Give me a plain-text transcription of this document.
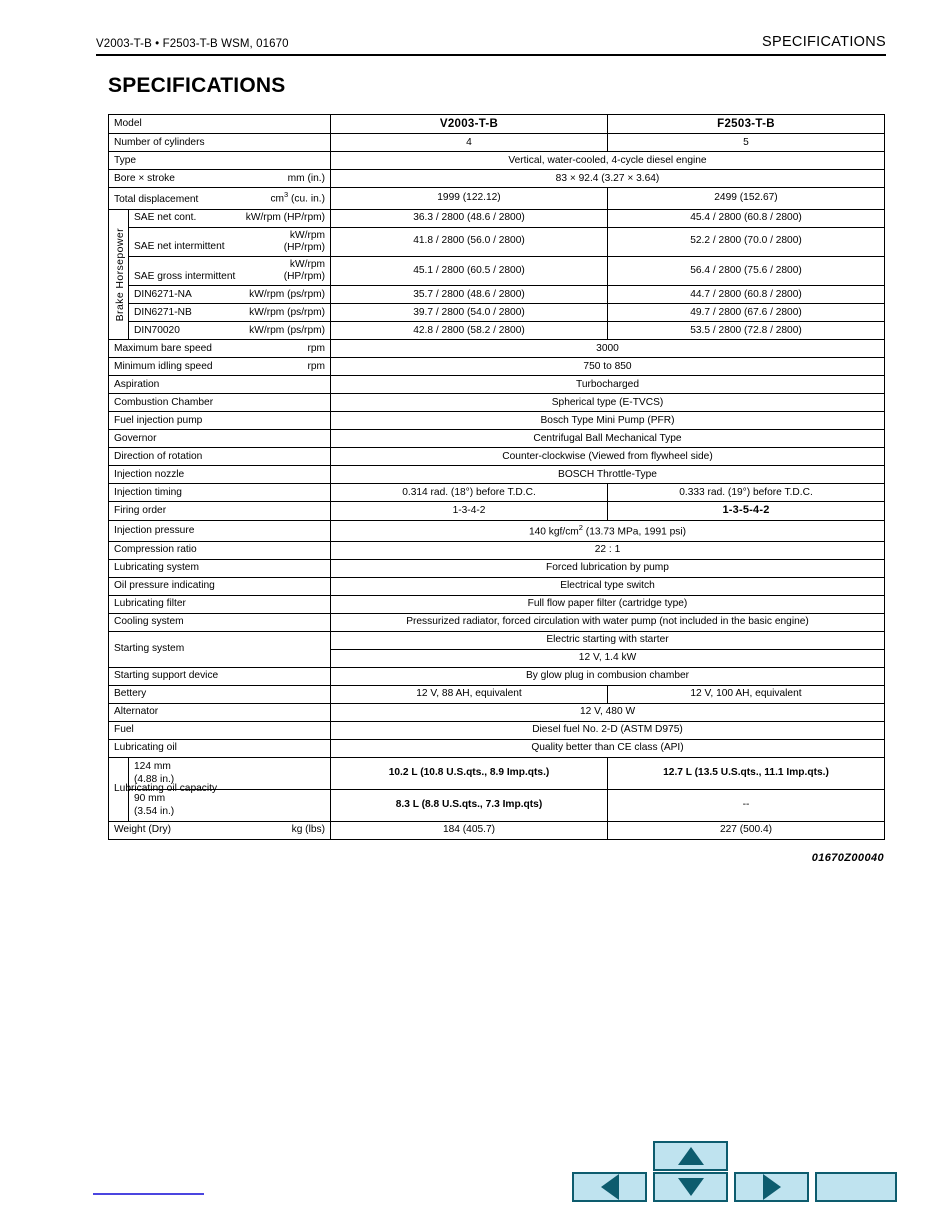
V2003-T-B • F2503-T-B WSM, 01670	SPECIFICATIONS
SPECIFICATIONS
Model		V2003-T-B	F2503-T-B
Number of cylinders		4	5
Type		Vertical, water-cooled, 4-cycle diesel engine	

Bore × stroke mm (in.)		83 × 92.4 (3.27 × 3.64)	

Total displacement $cm^3$ (cu. in.)		1999 (122.12)	2499 (152.67)

Brake Horsepower	SAE net cont. kW/rpm (HP/rpm)	36.3 / 2800 (48.6 / 2800)	45.4 / 2800 (60.8 / 2800)

	SAE net intermittent
kW/rpm
(HP/rpm)	41.8 / 2800 (56.0 / 2800)	52.2 / 2800 (70.0 / 2800)

	SAE gross intermittent
kW/rpm
(HP/rpm)	45.1 / 2800 (60.5 / 2800)	56.4 / 2800 (75.6 / 2800)

	DIN6271-NA kW/rpm (ps/rpm)	35.7 / 2800 (48.6 / 2800)	44.7 / 2800 (60.8 / 2800)

	DIN6271-NB kW/rpm (ps/rpm)	39.7 / 2800 (54.0 / 2800)	49.7 / 2800 (67.6 / 2800)

	DIN70020 kW/rpm (ps/rpm)	42.8 / 2800 (58.2 / 2800)	53.5 / 2800 (72.8 / 2800)

Maximum bare speed rpm		3000	

Minimum idling speed rpm		750 to 850	
Aspiration		Turbocharged	
Combustion Chamber		Spherical type (E-TVCS)	
Fuel injection pump		Bosch Type Mini Pump (PFR)	
Governor		Centrifugal Ball Mechanical Type	
Direction of rotation		Counter-clockwise (Viewed from flywheel side)	
Injection nozzle		BOSCH Throttle-Type	
Injection timing		0.314 rad. (18°) before T.D.C.	0.333 rad. (19°) before T.D.C.
Firing order		1-3-4-2	1-3-5-4-2
Injection pressure		140 kgf/$cm^2$ (13.73 MPa, 1991 psi)	
Compression ratio		22 : 1	
Lubricating system		Forced lubrication by pump	
Oil pressure indicating		Electrical type switch	
Lubricating filter		Full flow paper filter (cartridge type)	
Cooling system		Pressurized radiator, forced circulation with water pump (not included in the basic engine)	
Starting system		Electric starting with starter	
		12 V, 1.4 kW	
Starting support device		By glow plug in combusion chamber	
Bettery		12 V, 88 AH, equivalent	12 V, 100 AH, equivalent
Alternator		12 V, 480 W	
Fuel		Diesel fuel No. 2-D (ASTM D975)	
Lubricating oil		Quality better than CE class (API)	
Lubricating oil capacity	124 mm
(4.88 in.)	10.2 L (10.8 U.S.qts., 8.9 Imp.qts.)	12.7 L (13.5 U.S.qts., 11.1 Imp.qts.)
	90 mm
(3.54 in.)	8.3 L (8.8 U.S.qts., 7.3 Imp.qts)	--

Weight (Dry) kg (lbs)		184 (405.7)	227 (500.4)
01670Z00040
